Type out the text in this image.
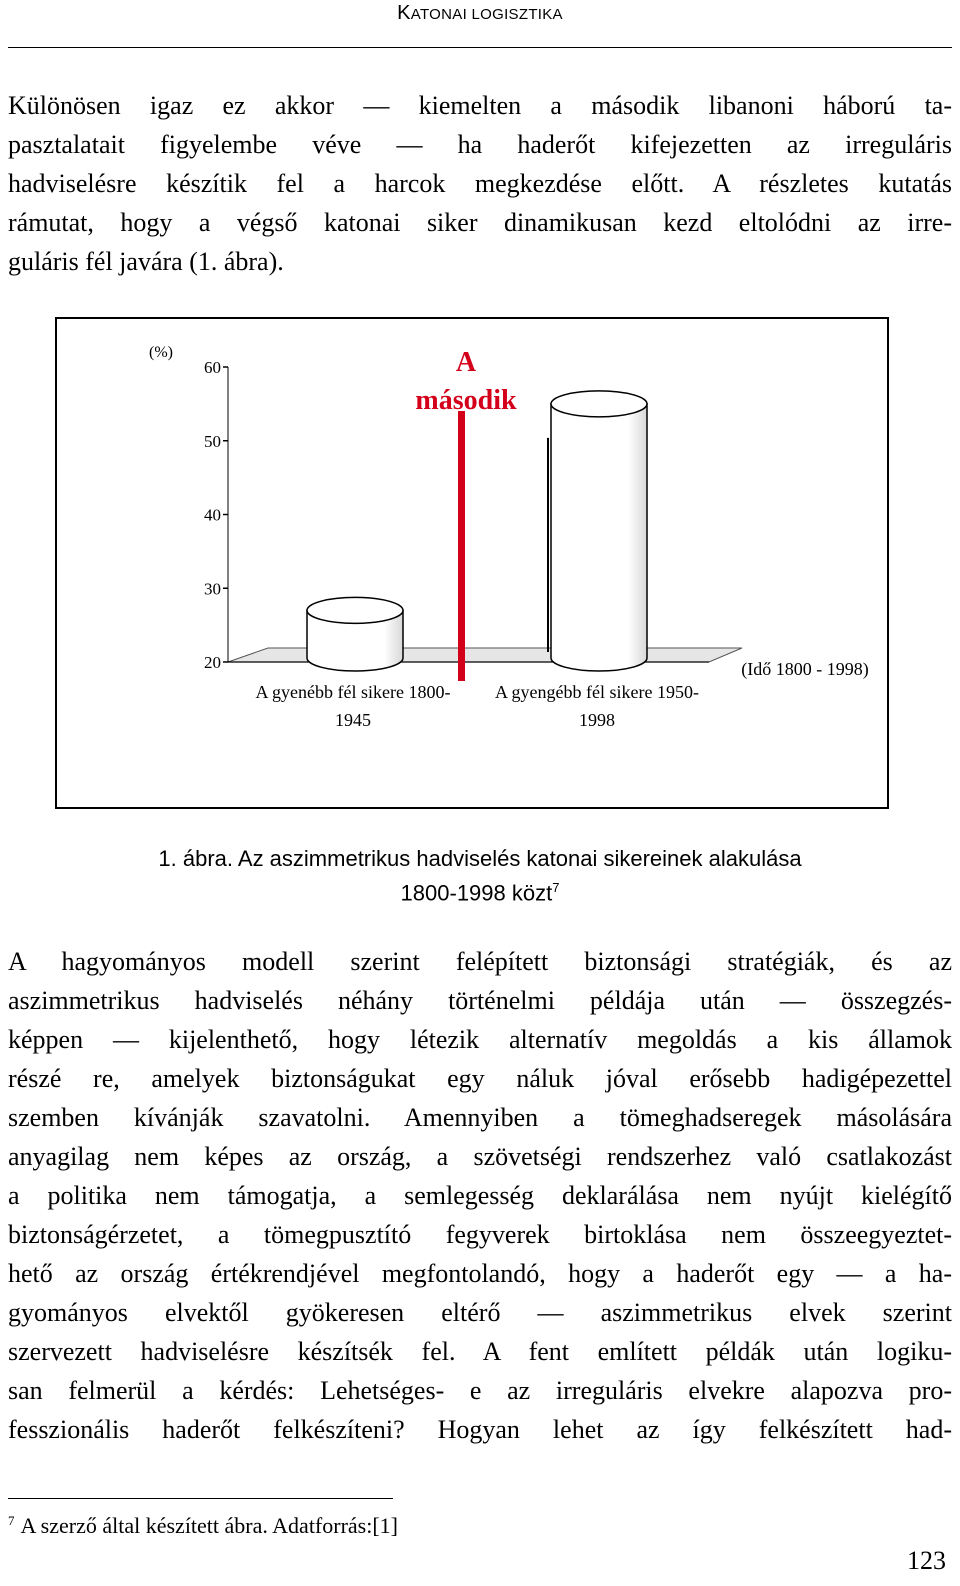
KATONAI LOGISZTIKA
Különösen igaz ez akkor — kiemelten a második libanoni háború ta-
pasztalatait figyelembe véve — ha haderőt kifejezetten az irreguláris
hadviselésre készítik fel a harcok megkezdése előtt. A részletes kutatás
rámutat, hogy a végső katonai siker dinamikusan kezd eltolódni az irre-
guláris fél javára (1. ábra).
60
50
40
30
20
A gyenébb fél sikere 1800-
1945
A gyengébb fél sikere 1950-
1998
(%)
(Idő 1800 - 1998)
A
második
1. ábra. Az aszimmetrikus hadviselés katonai sikereinek alakulása
1800-1998 közt$^7$
A hagyományos modell szerint felépített biztonsági stratégiák, és az
aszimmetrikus hadviselés néhány történelmi példája után — összegzés-
képpen — kijelenthető, hogy létezik alternatív megoldás a kis államok
részé re, amelyek biztonságukat egy náluk jóval erősebb hadigépezettel
szemben kívánják szavatolni. Amennyiben a tömeghadseregek másolására
anyagilag nem képes az ország, a szövetségi rendszerhez való csatlakozást
a politika nem támogatja, a semlegesség deklarálása nem nyújt kielégítő
biztonságérzetet, a tömegpusztító fegyverek birtoklása nem összeegyeztet-
hető az ország értékrendjével megfontolandó, hogy a haderőt egy — a ha-
gyományos elvektől gyökeresen eltérő — aszimmetrikus elvek szerint
szervezett hadviselésre készítsék fel. A fent említett példák után logiku-
san felmerül a kérdés: Lehetséges- e az irreguláris elvekre alapozva pro-
fesszionális haderőt felkészíteni? Hogyan lehet az így felkészített had-
$^7$ A szerző által készített ábra. Adatforrás:[1]
123
